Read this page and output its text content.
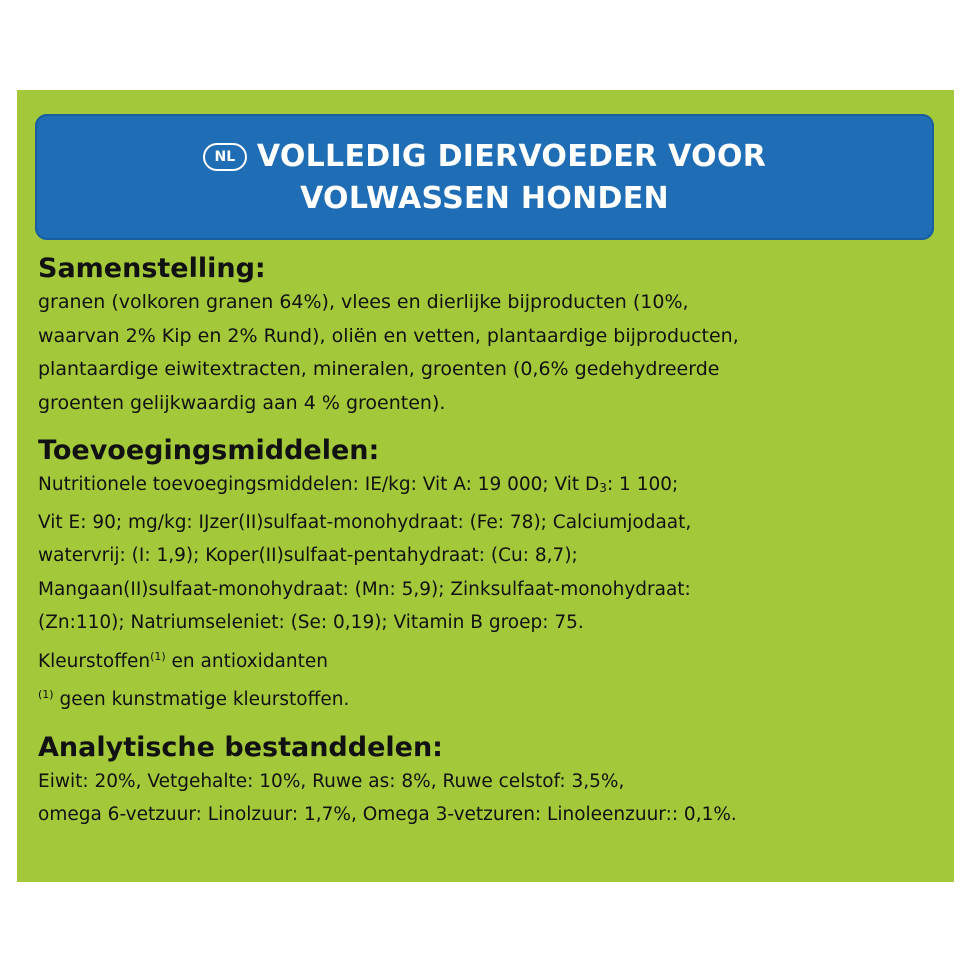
NL VOLLEDIG DIERVOEDER VOOR
VOLWASSEN HONDEN

Samenstelling:

granen (volkoren granen 64%), vlees en dierlijke bijproducten (10%,

waarvan 2% Kip en 2% Rund), oliën en vetten, plantaardige bijproducten,

plantaardige eiwitextracten, mineralen, groenten (0,6% gedehydreerde

groenten gelijkwaardig aan 4 % groenten).

Toevoegingsmiddelen:

Nutritionele toevoegingsmiddelen: IE/kg: Vit A: 19 000; Vit $D_3$: 1 100;

Vit E: 90; mg/kg: IJzer(II)sulfaat-monohydraat: (Fe: 78); Calciumjodaat,

watervrij: (I: 1,9); Koper(II)sulfaat-pentahydraat: (Cu: 8,7);

Mangaan(II)sulfaat-monohydraat: (Mn: 5,9); Zinksulfaat-monohydraat:

(Zn:110); Natriumseleniet: (Se: 0,19); Vitamin B groep: 75.

Kleurstoffen$^{(1)}$ en antioxidanten

$^{(1)}$ geen kunstmatige kleurstoffen.

Analytische bestanddelen:

Eiwit: 20%, Vetgehalte: 10%, Ruwe as: 8%, Ruwe celstof: 3,5%,

omega 6-vetzuur: Linolzuur: 1,7%, Omega 3-vetzuren: Linoleenzuur:: 0,1%.
